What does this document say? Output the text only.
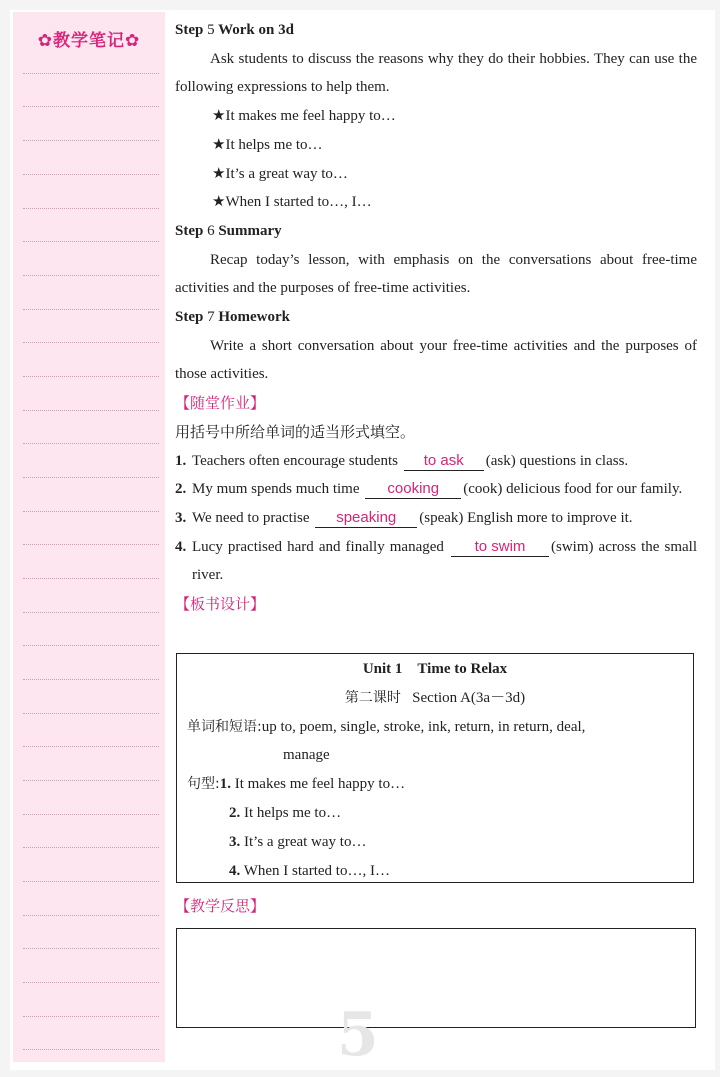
✿教学笔记✿

Step 5 Work on 3d

Ask students to discuss the reasons why they do their hobbies. They can use the following expressions to help them.

★It makes me feel happy to…

★It helps me to…

★It’s a great way to…

★When I started to…, I…

Step 6 Summary

Recap today’s lesson, with emphasis on the conversations about free-time activities and the purposes of free-time activities.

Step 7 Homework

Write a short conversation about your free-time activities and the purposes of those activities.

【随堂作业】

用括号中所给单词的适当形式填空。

1. Teachers often encourage students to ask (ask) questions in class.

2. My mum spends much time cooking (cook) delicious food for our family.

3. We need to practise speaking (speak) English more to improve it.

4. Lucy practised hard and finally managed to swim (swim) across the small river.

【板书设计】

Unit 1　Time to Relax
第二课时 Section A(3a－3d)
单词和短语:up to, poem, single, stroke, ink, return, in return, deal,
manage
句型:1. It makes me feel happy to…
2. It helps me to…
3. It’s a great way to…
4. When I started to…, I…
【教学反思】
5
